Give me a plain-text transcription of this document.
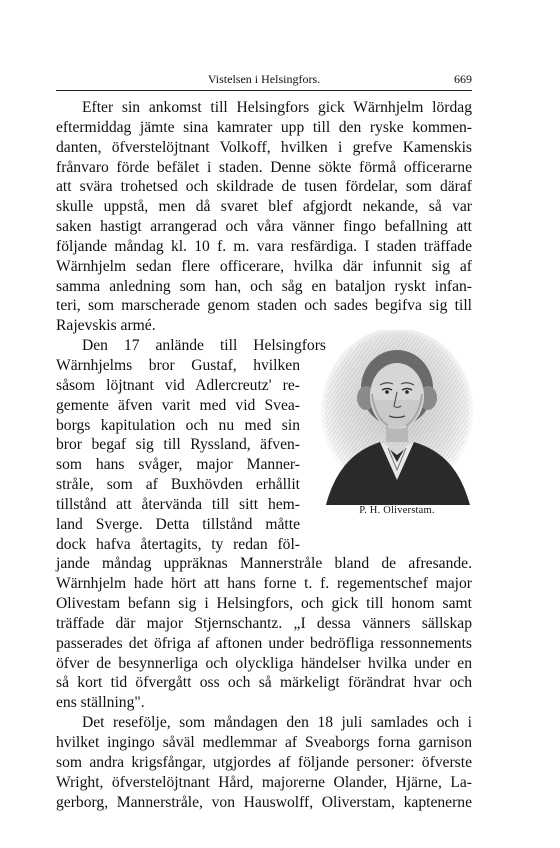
Vistelsen i Helsingfors.	669
Efter sin ankomst till Helsingfors gick Wärnhjelm lördag
eftermiddag jämte sina kamrater upp till den ryske kommen-
danten, öfverstelöjtnant Volkoff, hvilken i grefve Kamenskis
frånvaro förde befälet i staden. Denne sökte förmå officerarne
att svära trohetsed och skildrade de tusen fördelar, som däraf
skulle uppstå, men då svaret blef afgjordt nekande, så var
saken hastigt arrangerad och våra vänner fingo befallning att
följande måndag kl. 10 f. m. vara resfärdiga. I staden träffade
Wärnhjelm sedan flere officerare, hvilka där infunnit sig af
samma anledning som han, och såg en bataljon ryskt infan-
teri, som marscherade genom staden och sades begifva sig till
Rajevskis armé.
Den 17 anlände till Helsingfors
Wärnhjelms bror Gustaf, hvilken
såsom löjtnant vid Adlercreutz' re-
gemente äfven varit med vid Svea-
borgs kapitulation och nu med sin
bror begaf sig till Ryssland, äfven-
som hans svåger, major Manner-
stråle, som af Buxhövden erhållit
tillstånd att återvända till sitt hem-
land Sverge. Detta tillstånd måtte
dock hafva återtagits, ty redan föl-
jande måndag uppräknas Mannerstråle bland de afresande.
Wärnhjelm hade hört att hans forne t. f. regementschef major
Olivestam befann sig i Helsingfors, och gick till honom samt
träffade där major Stjernschantz. „I dessa vänners sällskap
passerades det öfriga af aftonen under bedröfliga ressonnements
öfver de besynnerliga och olyckliga händelser hvilka under en
så kort tid öfvergått oss och så märkeligt förändrat hvar och
ens ställning".
Det resefölje, som måndagen den 18 juli samlades och i
hvilket ingingo såväl medlemmar af Sveaborgs forna garnison
som andra krigsfångar, utgjordes af följande personer: öfverste
Wright, öfverstelöjtnant Hård, majorerne Olander, Hjärne, La-
gerborg, Mannerstråle, von Hauswolff, Oliverstam, kaptenerne
P. H. Oliverstam.
